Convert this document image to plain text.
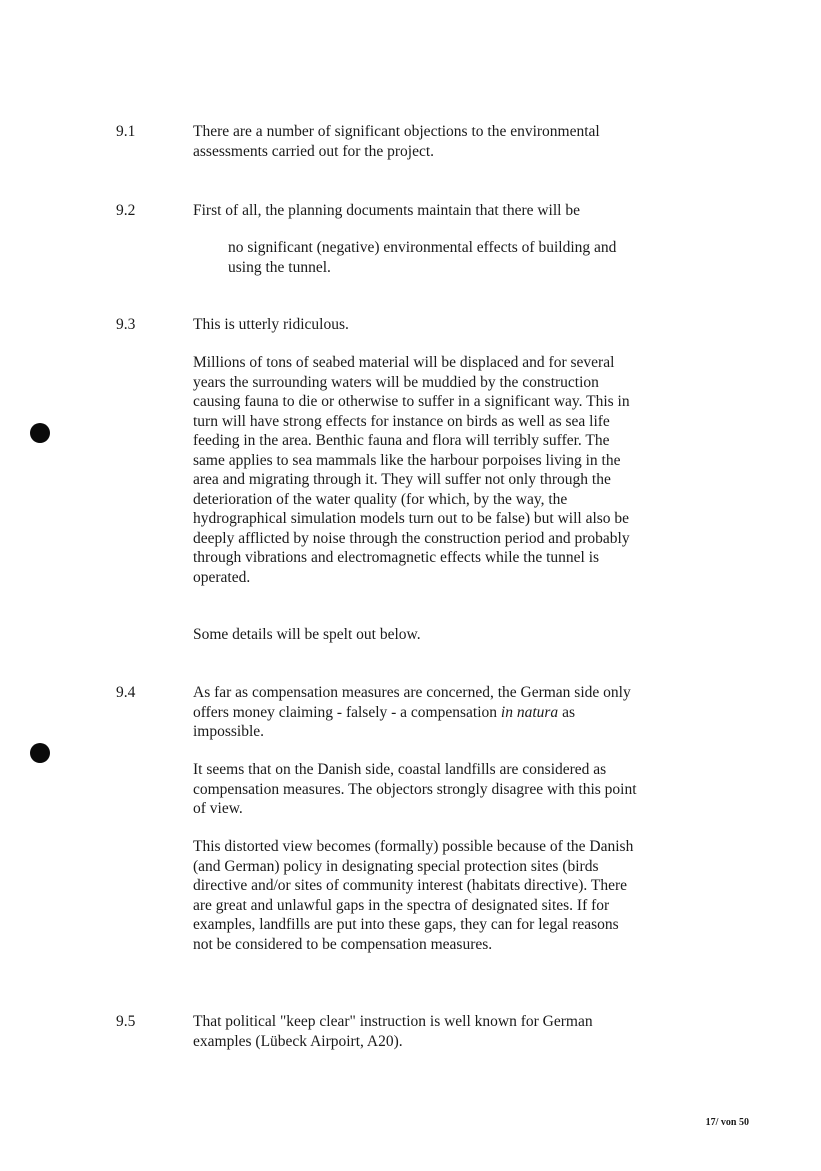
9.1	There are a number of significant objections to the environmental assessments carried out for the project.

9.2	First of all, the planning documents maintain that there will be

no significant (negative) environmental effects of building and using the tunnel.

9.3	This is utterly ridiculous.

Millions of tons of seabed material will be displaced and for several years the surrounding waters will be muddied by the construction causing fauna to die or otherwise to suffer in a significant way. This in turn will have strong effects for instance on birds as well as sea life feeding in the area. Benthic fauna and flora will terribly suffer. The same applies to sea mammals like the harbour porpoises living in the area and migrating through it. They will suffer not only through the deterioration of the water quality (for which, by the way, the hydrographical simulation models turn out to be false) but will also be deeply afflicted by noise through the construction period and probably through vibrations and electromagnetic effects while the tunnel is operated.

Some details will be spelt out below.

9.4	As far as compensation measures are concerned, the German side only offers money claiming - falsely - a compensation in natura as impossible.

It seems that on the Danish side, coastal landfills are considered as compensation measures. The objectors strongly disagree with this point of view.

This distorted view becomes (formally) possible because of the Danish (and German) policy in designating special protection sites (birds directive and/or sites of community interest (habitats directive). There are great and unlawful gaps in the spectra of designated sites. If for examples, landfills are put into these gaps, they can for legal reasons not be considered to be compensation measures.

9.5	That political "keep clear" instruction is well known for German examples (Lübeck Airpoirt, A20).

17/ von 50
